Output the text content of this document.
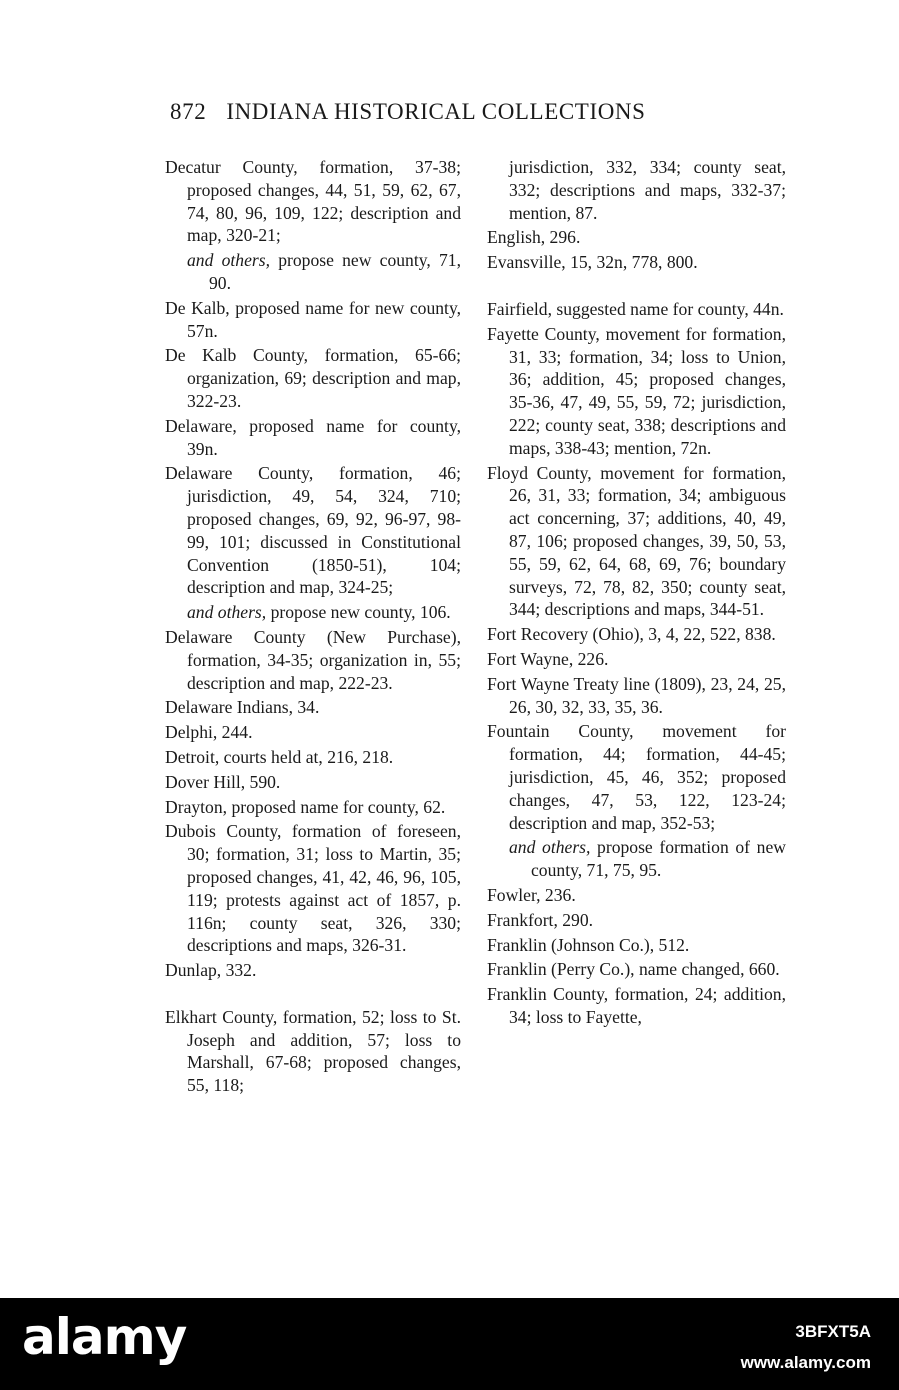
872 INDIANA HISTORICAL COLLECTIONS
Decatur County, formation, 37-38; proposed changes, 44, 51, 59, 62, 67, 74, 80, 96, 109, 122; description and map, 320-21;
and others, propose new county, 71, 90.
De Kalb, proposed name for new county, 57n.
De Kalb County, formation, 65-66; organization, 69; description and map, 322-23.
Delaware, proposed name for county, 39n.
Delaware County, formation, 46; jurisdiction, 49, 54, 324, 710; proposed changes, 69, 92, 96-97, 98-99, 101; discussed in Constitutional Convention (1850-51), 104; description and map, 324-25;
and others, propose new county, 106.
Delaware County (New Purchase), formation, 34-35; organization in, 55; description and map, 222-23.
Delaware Indians, 34.
Delphi, 244.
Detroit, courts held at, 216, 218.
Dover Hill, 590.
Drayton, proposed name for county, 62.
Dubois County, formation of foreseen, 30; formation, 31; loss to Martin, 35; proposed changes, 41, 42, 46, 96, 105, 119; protests against act of 1857, p. 116n; county seat, 326, 330; descriptions and maps, 326-31.
Dunlap, 332.
Elkhart County, formation, 52; loss to St. Joseph and addition, 57; loss to Marshall, 67-68; proposed changes, 55, 118;
jurisdiction, 332, 334; county seat, 332; descriptions and maps, 332-37; mention, 87.
English, 296.
Evansville, 15, 32n, 778, 800.
Fairfield, suggested name for county, 44n.
Fayette County, movement for formation, 31, 33; formation, 34; loss to Union, 36; addition, 45; proposed changes, 35-36, 47, 49, 55, 59, 72; jurisdiction, 222; county seat, 338; descriptions and maps, 338-43; mention, 72n.
Floyd County, movement for formation, 26, 31, 33; formation, 34; ambiguous act concerning, 37; additions, 40, 49, 87, 106; proposed changes, 39, 50, 53, 55, 59, 62, 64, 68, 69, 76; boundary surveys, 72, 78, 82, 350; county seat, 344; descriptions and maps, 344-51.
Fort Recovery (Ohio), 3, 4, 22, 522, 838.
Fort Wayne, 226.
Fort Wayne Treaty line (1809), 23, 24, 25, 26, 30, 32, 33, 35, 36.
Fountain County, movement for formation, 44; formation, 44-45; jurisdiction, 45, 46, 352; proposed changes, 47, 53, 122, 123-24; description and map, 352-53;
and others, propose formation of new county, 71, 75, 95.
Fowler, 236.
Frankfort, 290.
Franklin (Johnson Co.), 512.
Franklin (Perry Co.), name changed, 660.
Franklin County, formation, 24; addition, 34; loss to Fayette,
alamy	3BFXT5A
www.alamy.com
